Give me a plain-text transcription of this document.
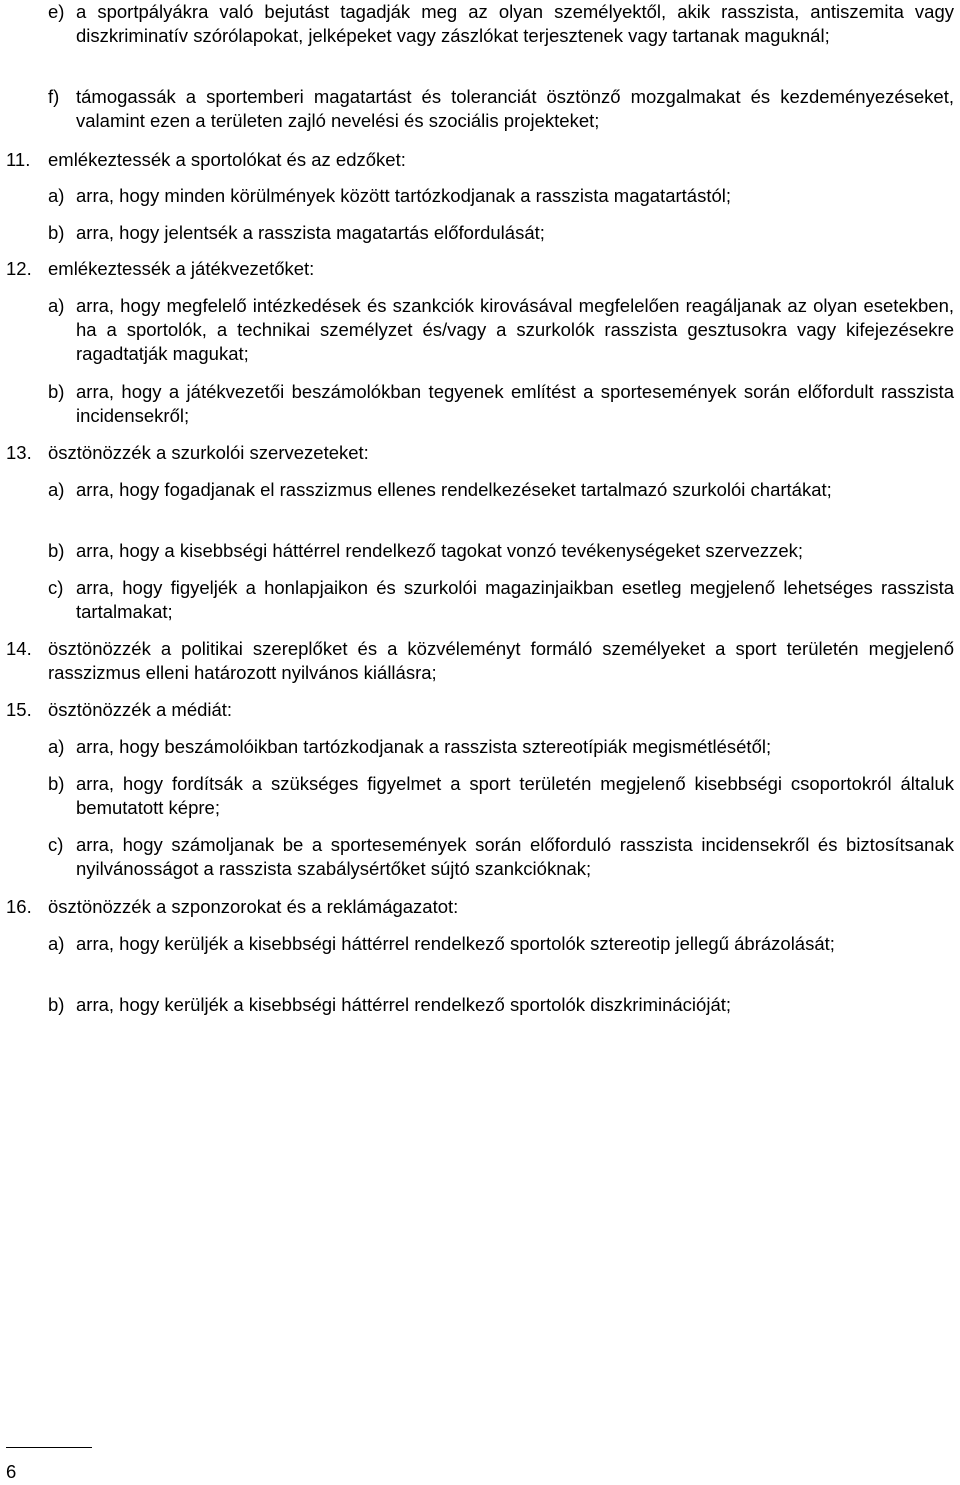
e) a sportpályákra való bejutást tagadják meg az olyan személyektől, akik rasszista, antiszemita vagy diszkriminatív szórólapokat, jelképeket vagy zászlókat terjesztenek vagy tartanak maguknál;
f) támogassák a sportemberi magatartást és toleranciát ösztönző mozgalmakat és kezdeményezéseket, valamint ezen a területen zajló nevelési és szociális projekteket;
11. emlékeztessék a sportolókat és az edzőket:
a) arra, hogy minden körülmények között tartózkodjanak a rasszista magatartástól;
b) arra, hogy jelentsék a rasszista magatartás előfordulását;
12. emlékeztessék a játékvezetőket:
a) arra, hogy megfelelő intézkedések és szankciók kirovásával megfelelően reagáljanak az olyan esetekben, ha a sportolók, a technikai személyzet és/vagy a szurkolók rasszista gesztusokra vagy kifejezésekre ragadtatják magukat;
b) arra, hogy a játékvezetői beszámolókban tegyenek említést a sportesemények során előfordult rasszista incidensekről;
13. ösztönözzék a szurkolói szervezeteket:
a) arra, hogy fogadjanak el rasszizmus ellenes rendelkezéseket tartalmazó szurkolói chartákat;
b) arra, hogy a kisebbségi háttérrel rendelkező tagokat vonzó tevékenységeket szervezzek;
c) arra, hogy figyeljék a honlapjaikon és szurkolói magazinjaikban esetleg megjelenő lehetséges rasszista tartalmakat;
14. ösztönözzék a politikai szereplőket és a közvéleményt formáló személyeket a sport területén megjelenő rasszizmus elleni határozott nyilvános kiállásra;
15. ösztönözzék a médiát:
a) arra, hogy beszámolóikban tartózkodjanak a rasszista sztereotípiák megismétlésétől;
b) arra, hogy fordítsák a szükséges figyelmet a sport területén megjelenő kisebbségi csoportokról általuk bemutatott képre;
c) arra, hogy számoljanak be a sportesemények során előforduló rasszista incidensekről és biztosítsanak nyilvánosságot a rasszista szabálysértőket sújtó szankcióknak;
16. ösztönözzék a szponzorokat és a reklámágazatot:
a) arra, hogy kerüljék a kisebbségi háttérrel rendelkező sportolók sztereotip jellegű ábrázolását;
b) arra, hogy kerüljék a kisebbségi háttérrel rendelkező sportolók diszkriminációját;
6
